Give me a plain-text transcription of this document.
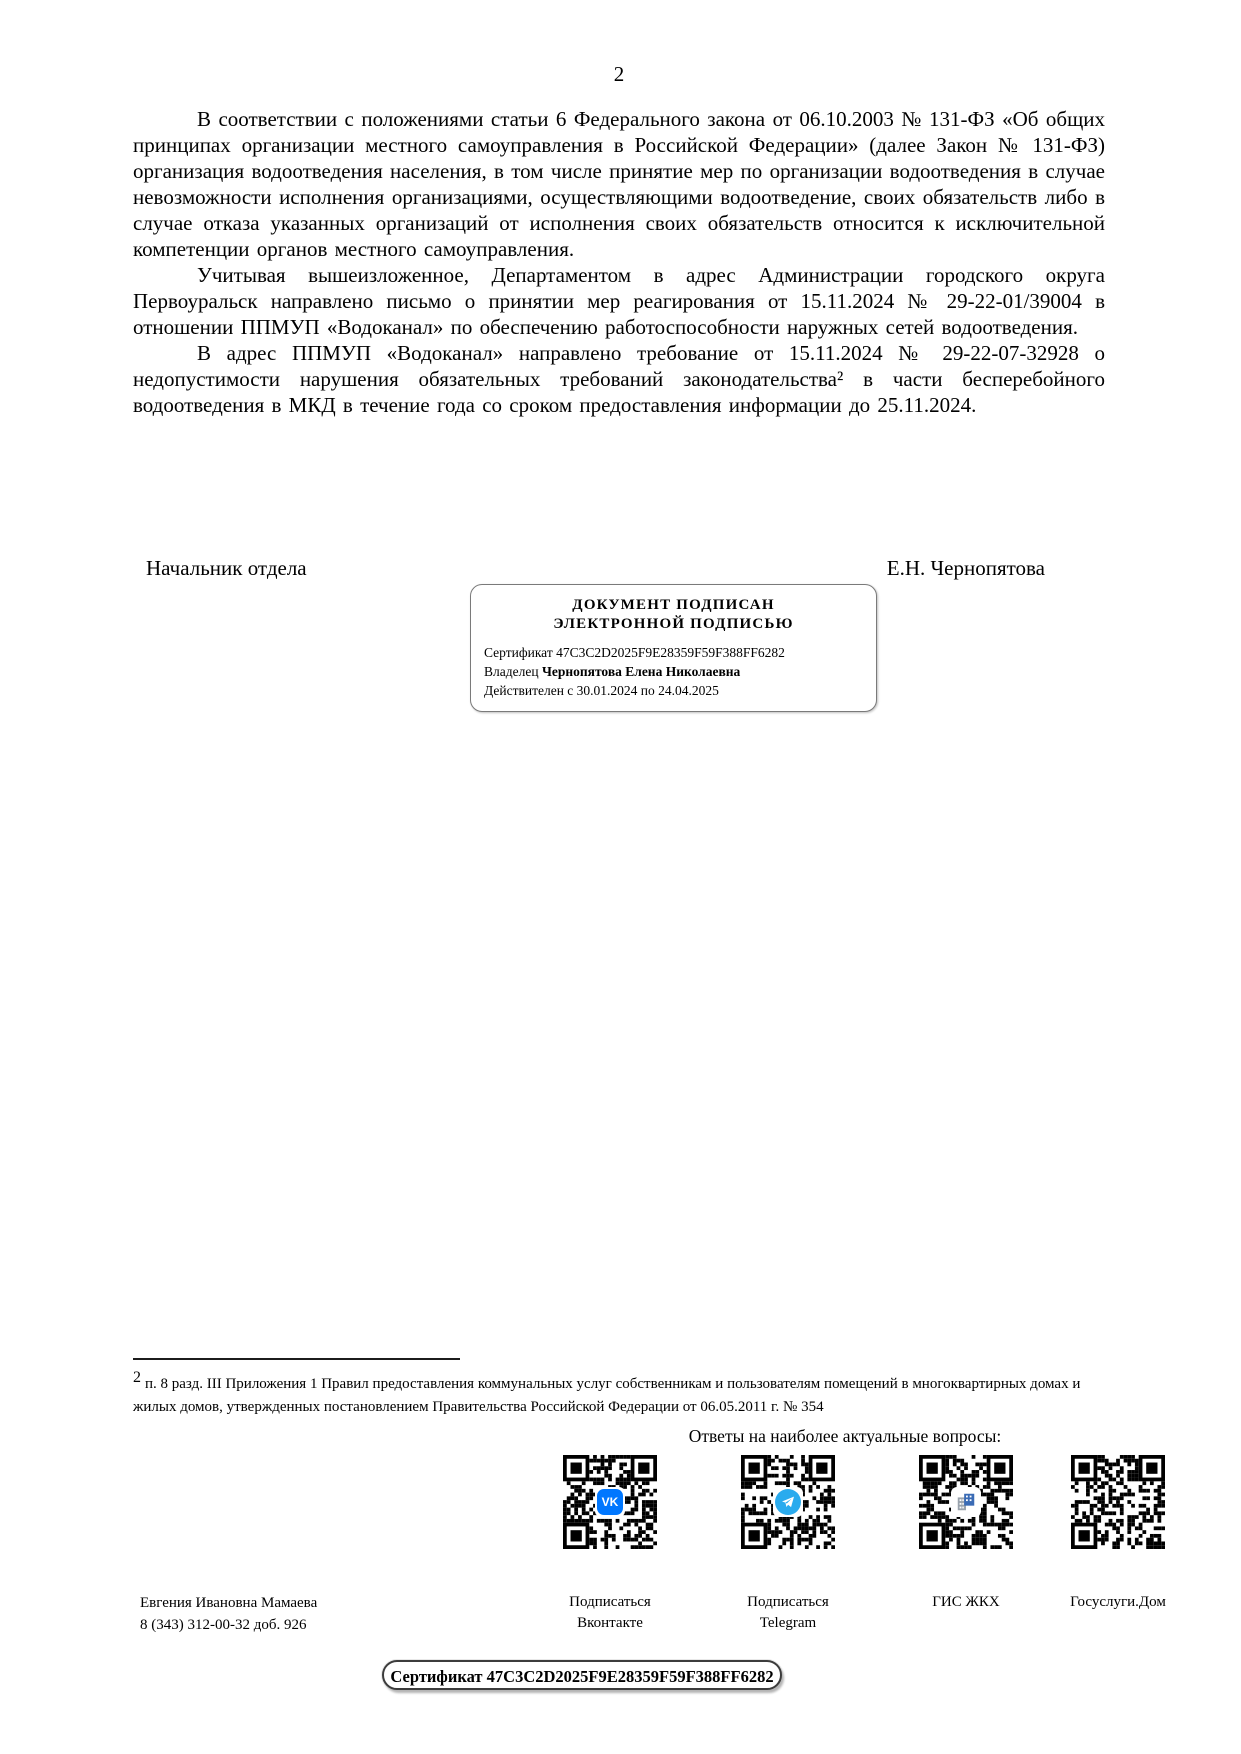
2

В соответствии с положениями статьи 6 Федерального закона от 06.10.2003 № 131-ФЗ «Об общих принципах организации местного самоуправления в Российской Федерации» (далее Закон № 131-ФЗ) организация водоотведения населения, в том числе принятие мер по организации водоотведения в случае невозможности исполнения организациями, осуществляющими водоотведение, своих обязательств либо в случае отказа указанных организаций от исполнения своих обязательств относится к исключительной компетенции органов местного самоуправления.

Учитывая вышеизложенное, Департаментом в адрес Администрации городского округа Первоуральск направлено письмо о принятии мер реагирования от 15.11.2024 № 29-22-01/39004 в отношении ППМУП «Водоканал» по обеспечению работоспособности наружных сетей водоотведения.

В адрес ППМУП «Водоканал» направлено требование от 15.11.2024 № 29-22-07-32928 о недопустимости нарушения обязательных требований законодательства² в части бесперебойного водоотведения в МКД в течение года со сроком предоставления информации до 25.11.2024.

Начальник отдела	Е.Н. Чернопятова
ДОКУМЕНТ ПОДПИСАН
ЭЛЕКТРОННОЙ ПОДПИСЬЮ
Сертификат 47C3C2D2025F9E28359F59F388FF6282
Владелец Чернопятова Елена Николаевна
Действителен с 30.01.2024 по 24.04.2025
2 п. 8 разд. III Приложения 1 Правил предоставления коммунальных услуг собственникам и пользователям помещений в многоквартирных домах и жилых домов, утвержденных постановлением Правительства Российской Федерации от 06.05.2011 г. № 354
Ответы на наиболее актуальные вопросы:
VK
Подписаться
Вконтакте
Подписаться
Telegram
ГИС ЖКХ	Госуслуги.Дом
Евгения Ивановна Мамаева
8 (343) 312-00-32 доб. 926
Сертификат 47C3C2D2025F9E28359F59F388FF6282
